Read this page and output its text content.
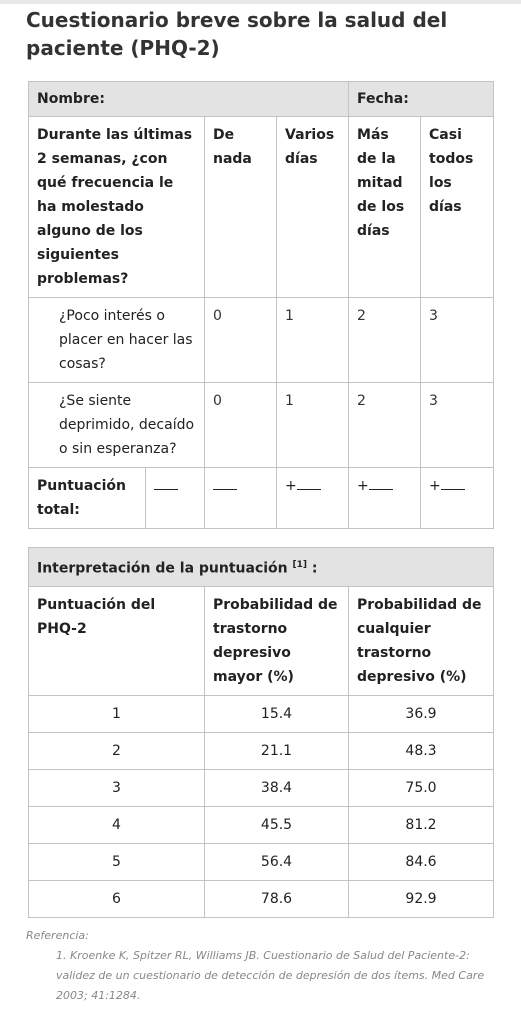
Cuestionario breve sobre la salud del paciente (PHQ-2)
Nombre:			Fecha:	
Durante las últimas 2 semanas, ¿con qué frecuencia le ha molestado alguno de los siguientes problemas?	De nada	Varios días	Más de la mitad de los días	Casi todos los días
¿Poco interés o placer en hacer las cosas?	0	1	2	3
¿Se siente deprimido, decaído o sin esperanza?	0	1	2	3

Puntuación total:		+	+	+
Interpretación de la puntuación [1] :		
Puntuación del PHQ-2	Probabilidad de trastorno depresivo mayor (%)	Probabilidad de cualquier trastorno depresivo (%)
1	15.4	36.9
2	21.1	48.3
3	38.4	75.0
4	45.5	81.2
5	56.4	84.6
6	78.6	92.9
Referencia:
1. Kroenke K, Spitzer RL, Williams JB. Cuestionario de Salud del Paciente-2: validez de un cuestionario de detección de depresión de dos ítems. Med Care 2003; 41:1284.
